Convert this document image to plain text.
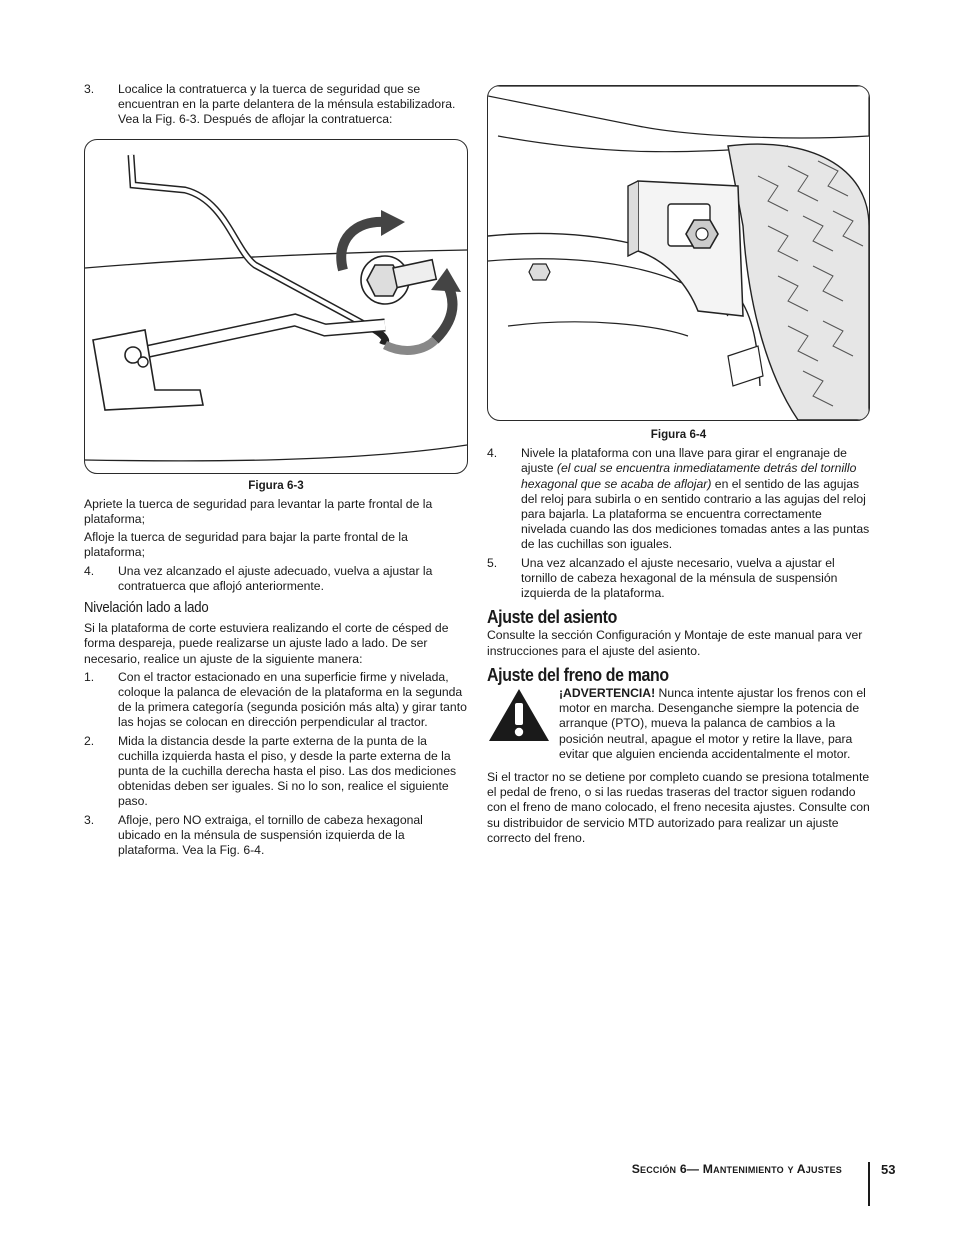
3. Localice la contratuerca y la tuerca de seguridad que se encuentran en la parte delantera de la ménsula estabilizadora. Vea la Fig. 6-3. Después de aflojar la contratuerca:
Figura 6-3

Apriete la tuerca de seguridad para levantar la parte frontal de la plataforma;

Afloje la tuerca de seguridad para bajar la parte frontal de la plataforma;

4. Una vez alcanzado el ajuste adecuado, vuelva a ajustar la contratuerca que aflojó anteriormente.
Nivelación lado a lado

Si la plataforma de corte estuviera realizando el corte de césped de forma despareja, puede realizarse un ajuste lado a lado. De ser necesario, realice un ajuste de la siguiente manera:

1. Con el tractor estacionado en una superficie firme y nivelada, coloque la palanca de elevación de la plataforma en la segunda de la primera categoría (segunda posición más alta) y girar tanto las hojas se colocan en dirección perpendicular al tractor.
2. Mida la distancia desde la parte externa de la punta de la cuchilla izquierda hasta el piso, y desde la parte externa de la punta de la cuchilla derecha hasta el piso. Las dos mediciones obtenidas deben ser iguales. Si no lo son, realice el siguiente paso.
3. Afloje, pero NO extraiga, el tornillo de cabeza hexagonal ubicado en la ménsula de suspensión izquierda de la plataforma. Vea la Fig. 6-4.
Figura 6-4
4. Nivele la plataforma con una llave para girar el engranaje de ajuste (el cual se encuentra inmediatamente detrás del tornillo hexagonal que se acaba de aflojar) en el sentido de las agujas del reloj para subirla o en sentido contrario a las agujas del reloj para bajarla. La plataforma se encuentra correctamente nivelada cuando las dos mediciones tomadas antes a las puntas de las cuchillas son iguales.
5. Una vez alcanzado el ajuste necesario, vuelva a ajustar el tornillo de cabeza hexagonal de la ménsula de suspensión izquierda de la plataforma.
Ajuste del asiento

Consulte la sección Configuración y Montaje de este manual para ver instrucciones para el ajuste del asiento.

Ajuste del freno de mano
¡ADVERTENCIA! Nunca intente ajustar los frenos con el motor en marcha. Desenganche siempre la potencia de arranque (PTO), mueva la palanca de cambios a la posición neutral, apague el motor y retire la llave, para evitar que alguien encienda accidentalmente el motor.

Si el tractor no se detiene por completo cuando se presiona totalmente el pedal de freno, o si las ruedas traseras del tractor siguen rodando con el freno de mano colocado, el freno necesita ajustes. Consulte con su distribuidor de servicio MTD autorizado para realizar un ajuste correcto del freno.

Sección 6— Mantenimiento y Ajustes	53
